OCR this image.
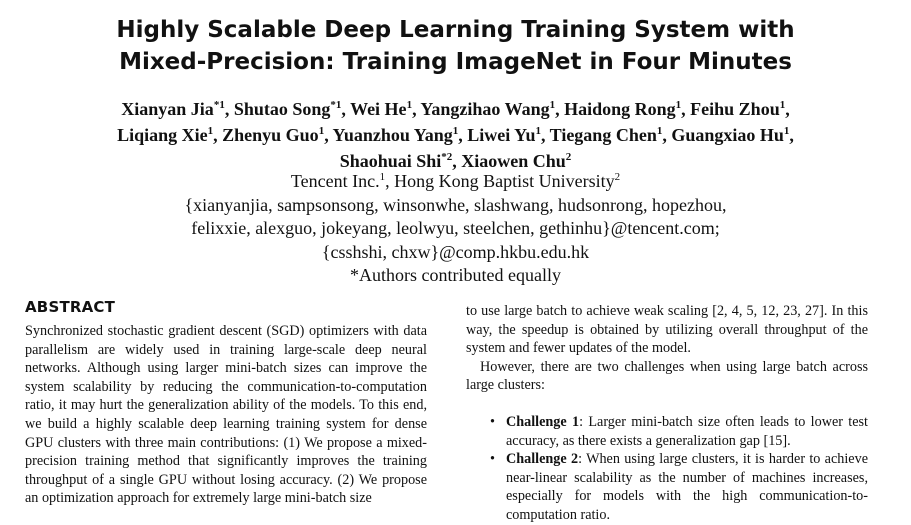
Highly Scalable Deep Learning Training System with
Mixed-Precision: Training ImageNet in Four Minutes
Xianyan Jia$^{*1}$, Shutao Song$^{*1}$, Wei He$^1$, Yangzihao Wang$^1$, Haidong Rong$^1$, Feihu Zhou$^1$,
Liqiang Xie$^1$, Zhenyu Guo$^1$, Yuanzhou Yang$^1$, Liwei Yu$^1$, Tiegang Chen$^1$, Guangxiao Hu$^1$,
Shaohuai Shi$^{*2}$, Xiaowen Chu$^2$
Tencent Inc.$^1$, Hong Kong Baptist University$^2$
{xianyanjia, sampsonsong, winsonwhe, slashwang, hudsonrong, hopezhou,
felixxie, alexguo, jokeyang, leolwyu, steelchen, gethinhu}@tencent.com;
{csshshi, chxw}@comp.hkbu.edu.hk
*Authors contributed equally
ABSTRACT

Synchronized stochastic gradient descent (SGD) optimizers with data parallelism are widely used in training large-scale deep neural networks. Although using larger mini-batch sizes can improve the system scalability by reducing the communication-to-computation ratio, it may hurt the generalization ability of the models. To this end, we build a highly scalable deep learning training system for dense GPU clusters with three main contributions: (1) We propose a mixed-precision training method that significantly improves the training throughput of a single GPU without losing accuracy. (2) We propose an optimization approach for extremely large mini-batch size

to use large batch to achieve weak scaling [2, 4, 5, 12, 23, 27]. In this way, the speedup is obtained by utilizing overall throughput of the system and fewer updates of the model.

However, there are two challenges when using large batch across large clusters:

• Challenge 1: Larger mini-batch size often leads to lower test accuracy, as there exists a generalization gap [15].
• Challenge 2: When using large clusters, it is harder to achieve near-linear scalability as the number of machines increases, especially for models with the high communication-to-computation ratio.
